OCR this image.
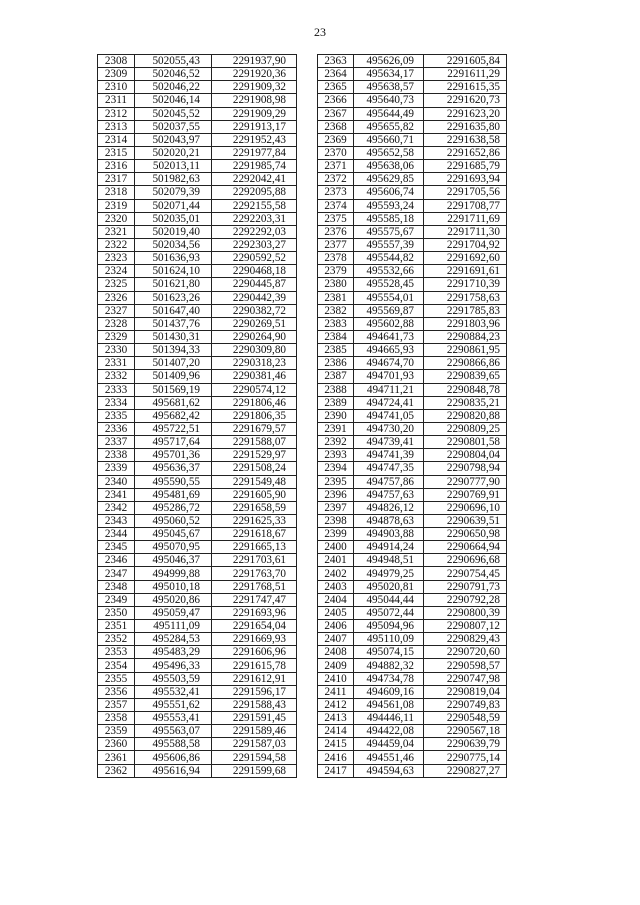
23
2308	502055,43	2291937,90
2309	502046,52	2291920,36
2310	502046,22	2291909,32
2311	502046,14	2291908,98
2312	502045,52	2291909,29
2313	502037,55	2291913,17
2314	502043,97	2291952,43
2315	502020,21	2291977,84
2316	502013,11	2291985,74
2317	501982,63	2292042,41
2318	502079,39	2292095,88
2319	502071,44	2292155,58
2320	502035,01	2292203,31
2321	502019,40	2292292,03
2322	502034,56	2292303,27
2323	501636,93	2290592,52
2324	501624,10	2290468,18
2325	501621,80	2290445,87
2326	501623,26	2290442,39
2327	501647,40	2290382,72
2328	501437,76	2290269,51
2329	501430,31	2290264,90
2330	501394,33	2290309,80
2331	501407,20	2290318,23
2332	501409,96	2290381,46
2333	501569,19	2290574,12
2334	495681,62	2291806,46
2335	495682,42	2291806,35
2336	495722,51	2291679,57
2337	495717,64	2291588,07
2338	495701,36	2291529,97
2339	495636,37	2291508,24
2340	495590,55	2291549,48
2341	495481,69	2291605,90
2342	495286,72	2291658,59
2343	495060,52	2291625,33
2344	495045,67	2291618,67
2345	495070,95	2291665,13
2346	495046,37	2291703,61
2347	494999,88	2291763,70
2348	495010,18	2291768,51
2349	495020,86	2291747,47
2350	495059,47	2291693,96
2351	495111,09	2291654,04
2352	495284,53	2291669,93
2353	495483,29	2291606,96
2354	495496,33	2291615,78
2355	495503,59	2291612,91
2356	495532,41	2291596,17
2357	495551,62	2291588,43
2358	495553,41	2291591,45
2359	495563,07	2291589,46
2360	495588,58	2291587,03
2361	495606,86	2291594,58
2362	495616,94	2291599,68
2363	495626,09	2291605,84
2364	495634,17	2291611,29
2365	495638,57	2291615,35
2366	495640,73	2291620,73
2367	495644,49	2291623,20
2368	495655,82	2291635,80
2369	495660,71	2291638,58
2370	495652,58	2291652,86
2371	495638,06	2291685,79
2372	495629,85	2291693,94
2373	495606,74	2291705,56
2374	495593,24	2291708,77
2375	495585,18	2291711,69
2376	495575,67	2291711,30
2377	495557,39	2291704,92
2378	495544,82	2291692,60
2379	495532,66	2291691,61
2380	495528,45	2291710,39
2381	495554,01	2291758,63
2382	495569,87	2291785,83
2383	495602,88	2291803,96
2384	494641,73	2290884,23
2385	494665,93	2290861,95
2386	494674,70	2290866,86
2387	494701,93	2290839,65
2388	494711,21	2290848,78
2389	494724,41	2290835,21
2390	494741,05	2290820,88
2391	494730,20	2290809,25
2392	494739,41	2290801,58
2393	494741,39	2290804,04
2394	494747,35	2290798,94
2395	494757,86	2290777,90
2396	494757,63	2290769,91
2397	494826,12	2290696,10
2398	494878,63	2290639,51
2399	494903,88	2290650,98
2400	494914,24	2290664,94
2401	494948,51	2290696,68
2402	494979,25	2290754,45
2403	495020,81	2290791,73
2404	495044,44	2290792,28
2405	495072,44	2290800,39
2406	495094,96	2290807,12
2407	495110,09	2290829,43
2408	495074,15	2290720,60
2409	494882,32	2290598,57
2410	494734,78	2290747,98
2411	494609,16	2290819,04
2412	494561,08	2290749,83
2413	494446,11	2290548,59
2414	494422,08	2290567,18
2415	494459,04	2290639,79
2416	494551,46	2290775,14
2417	494594,63	2290827,27
